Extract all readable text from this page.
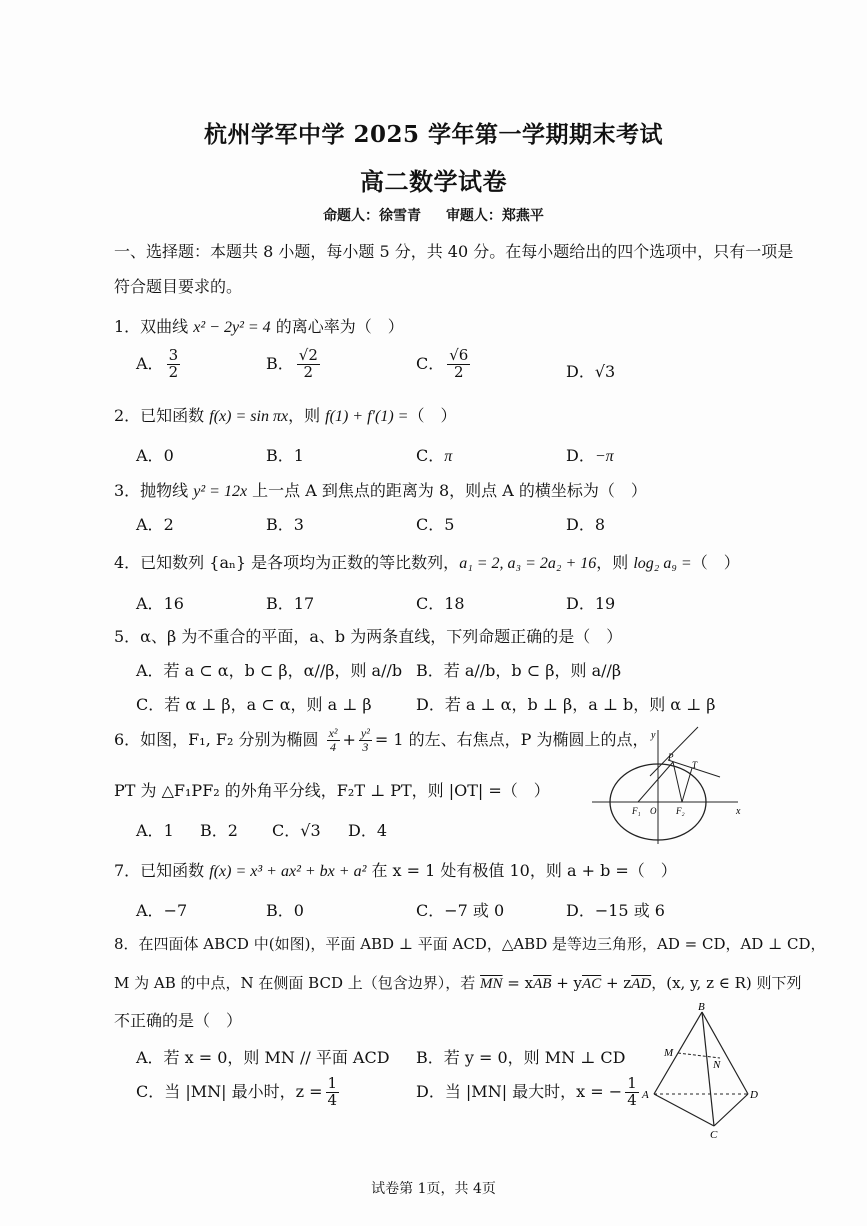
杭州学军中学 2025 学年第一学期期末考试
高二数学试卷
命题人：徐雪青 审题人：郑燕平
一、选择题：本题共 8 小题，每小题 5 分，共 40 分。在每小题给出的四个选项中，只有一项是
符合题目要求的。
1．双曲线 x² − 2y² = 4 的离心率为（　）
A． $\frac{3}{2}$	B． $\frac{√2}{2}$	C． $\frac{√6}{2}$	D．√3
2．已知函数 f(x) = sin πx，则 f(1) + f′(1) =（　）
A．0	B．1	C．π	D．−π
3．抛物线 y² = 12x 上一点 A 到焦点的距离为 8，则点 A 的横坐标为（　）
A．2	B．3	C．5	D．8
4．已知数列 {aₙ} 是各项均为正数的等比数列，a₁ = 2, a₃ = 2a₂ + 16，则 log₂ a₉ =（　）
A．16	B．17	C．18	D．19
5．α、β 为不重合的平面，a、b 为两条直线，下列命题正确的是（　）
A．若 a ⊂ α，b ⊂ β，α//β，则 a//b B．若 a//b，b ⊂ β，则 a//β
C．若 α ⊥ β，a ⊂ α，则 a ⊥ β	D．若 a ⊥ α，b ⊥ β，a ⊥ b，则 α ⊥ β
6．如图，F₁, F₂ 分别为椭圆 $\frac{\text{x²}}{4} + \frac{\text{y²}}{3} = 1$ 的左、右焦点，P 为椭圆上的点，
PT 为 △F₁PF₂ 的外角平分线，F₂T ⊥ PT，则 |OT| =（　）
A．1 B．2 C．√3 D．4
y
x
O
F₁	F₂
P
T
7．已知函数 f(x) = x³ + ax² + bx + a² 在 x = 1 处有极值 10，则 a + b =（　）
A．−7	B．0	C．−7 或 0	D．−15 或 6
8．在四面体 ABCD 中(如图)，平面 ABD ⊥ 平面 ACD，△ABD 是等边三角形，AD = CD，AD ⊥ CD，
M 为 AB 的中点，N 在侧面 BCD 上（包含边界），若 $\overline{MN} = x\overline{AB} + y\overline{AC} + z\overline{AD}$，(x, y, z ∈ R) 则下列
不正确的是（　）
A．若 x = 0，则 MN // 平面 ACD B．若 y = 0，则 MN ⊥ CD
C．当 |MN| 最小时，$z = \frac{1}{4}$	D．当 |MN| 最大时，x = − $\frac{1}{4}$
B
M
N
A	D
C
试卷第 1页，共 4页
